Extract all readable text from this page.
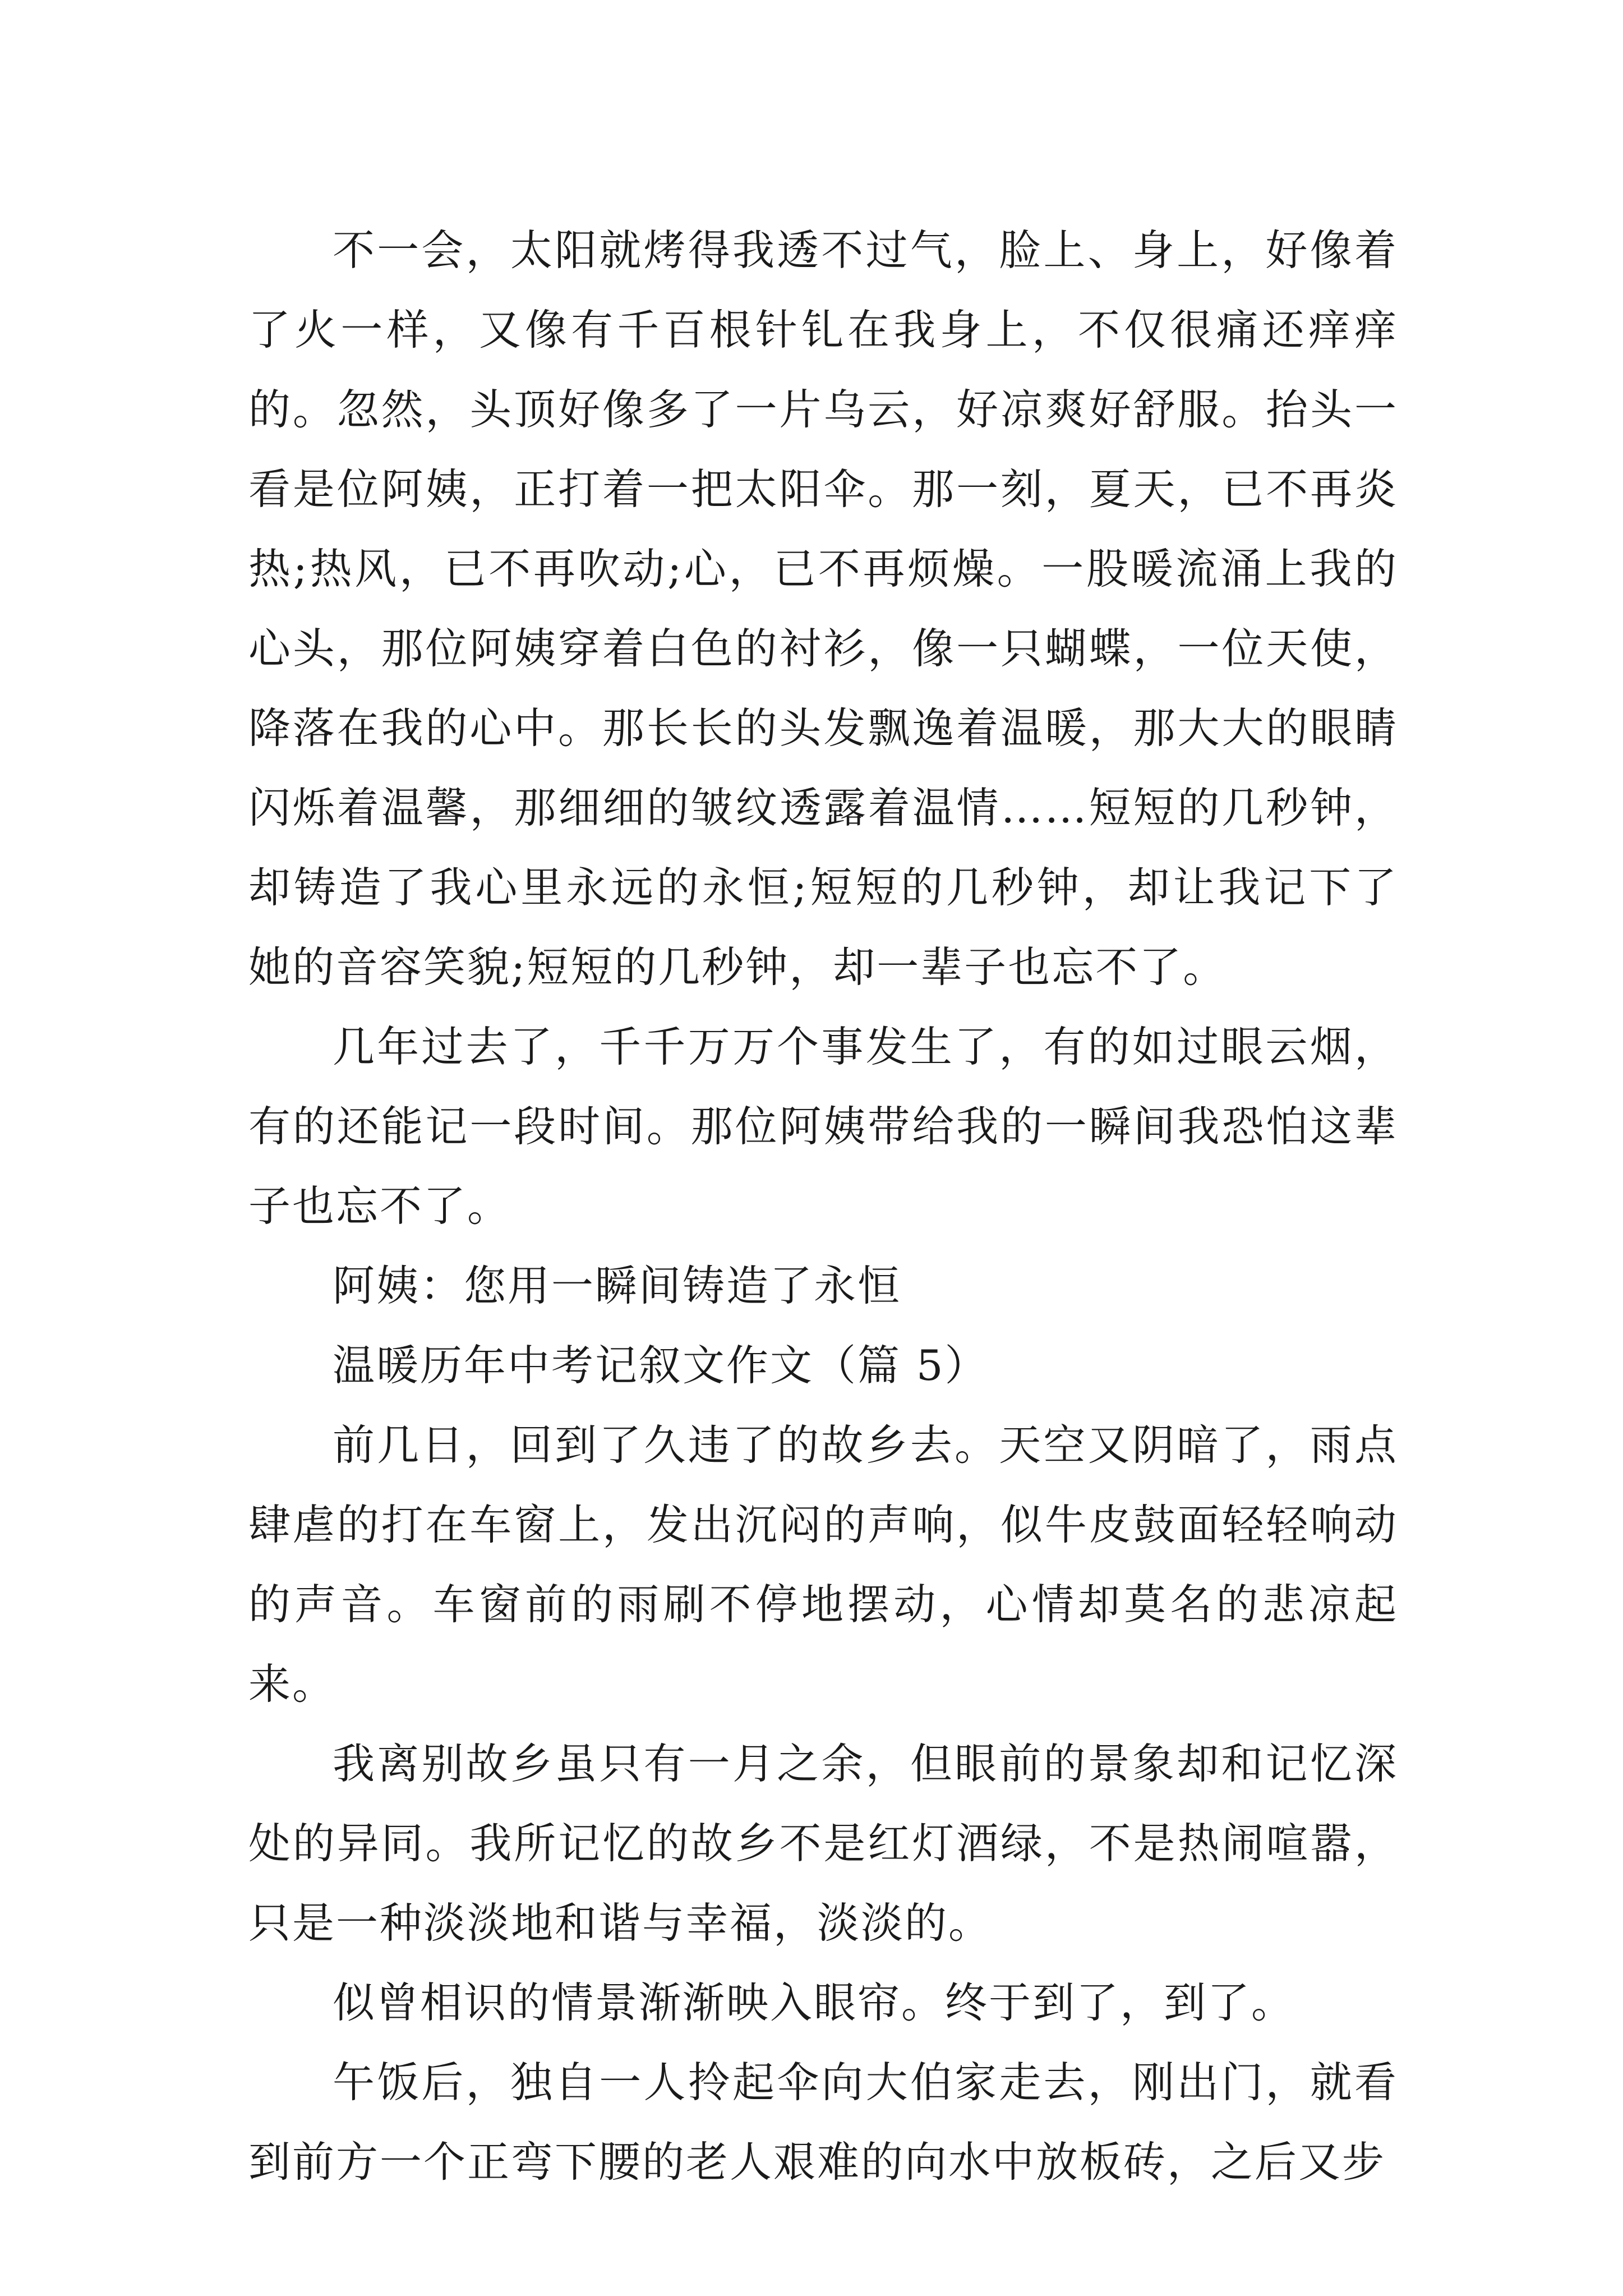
不一会，太阳就烤得我透不过气，脸上、身上，好像着了火一样，又像有千百根针钆在我身上，不仅很痛还痒痒的。忽然，头顶好像多了一片乌云，好凉爽好舒服。抬头一看是位阿姨，正打着一把太阳伞。那一刻，夏天，已不再炎热;热风，已不再吹动;心，已不再烦燥。一股暖流涌上我的心头，那位阿姨穿着白色的衬衫，像一只蝴蝶，一位天使，降落在我的心中。那长长的头发飘逸着温暖，那大大的眼睛闪烁着温馨，那细细的皱纹透露着温情……短短的几秒钟，却铸造了我心里永远的永恒;短短的几秒钟，却让我记下了她的音容笑貌;短短的几秒钟，却一辈子也忘不了。

几年过去了，千千万万个事发生了，有的如过眼云烟，有的还能记一段时间。那位阿姨带给我的一瞬间我恐怕这辈子也忘不了。

阿姨：您用一瞬间铸造了永恒

温暖历年中考记叙文作文（篇 5）

前几日，回到了久违了的故乡去。天空又阴暗了，雨点肆虐的打在车窗上，发出沉闷的声响，似牛皮鼓面轻轻响动的声音。车窗前的雨刷不停地摆动，心情却莫名的悲凉起来。

我离别故乡虽只有一月之余，但眼前的景象却和记忆深处的异同。我所记忆的故乡不是红灯酒绿，不是热闹喧嚣，只是一种淡淡地和谐与幸福，淡淡的。

似曾相识的情景渐渐映入眼帘。终于到了，到了。

午饭后，独自一人拎起伞向大伯家走去，刚出门，就看到前方一个正弯下腰的老人艰难的向水中放板砖，之后又步
